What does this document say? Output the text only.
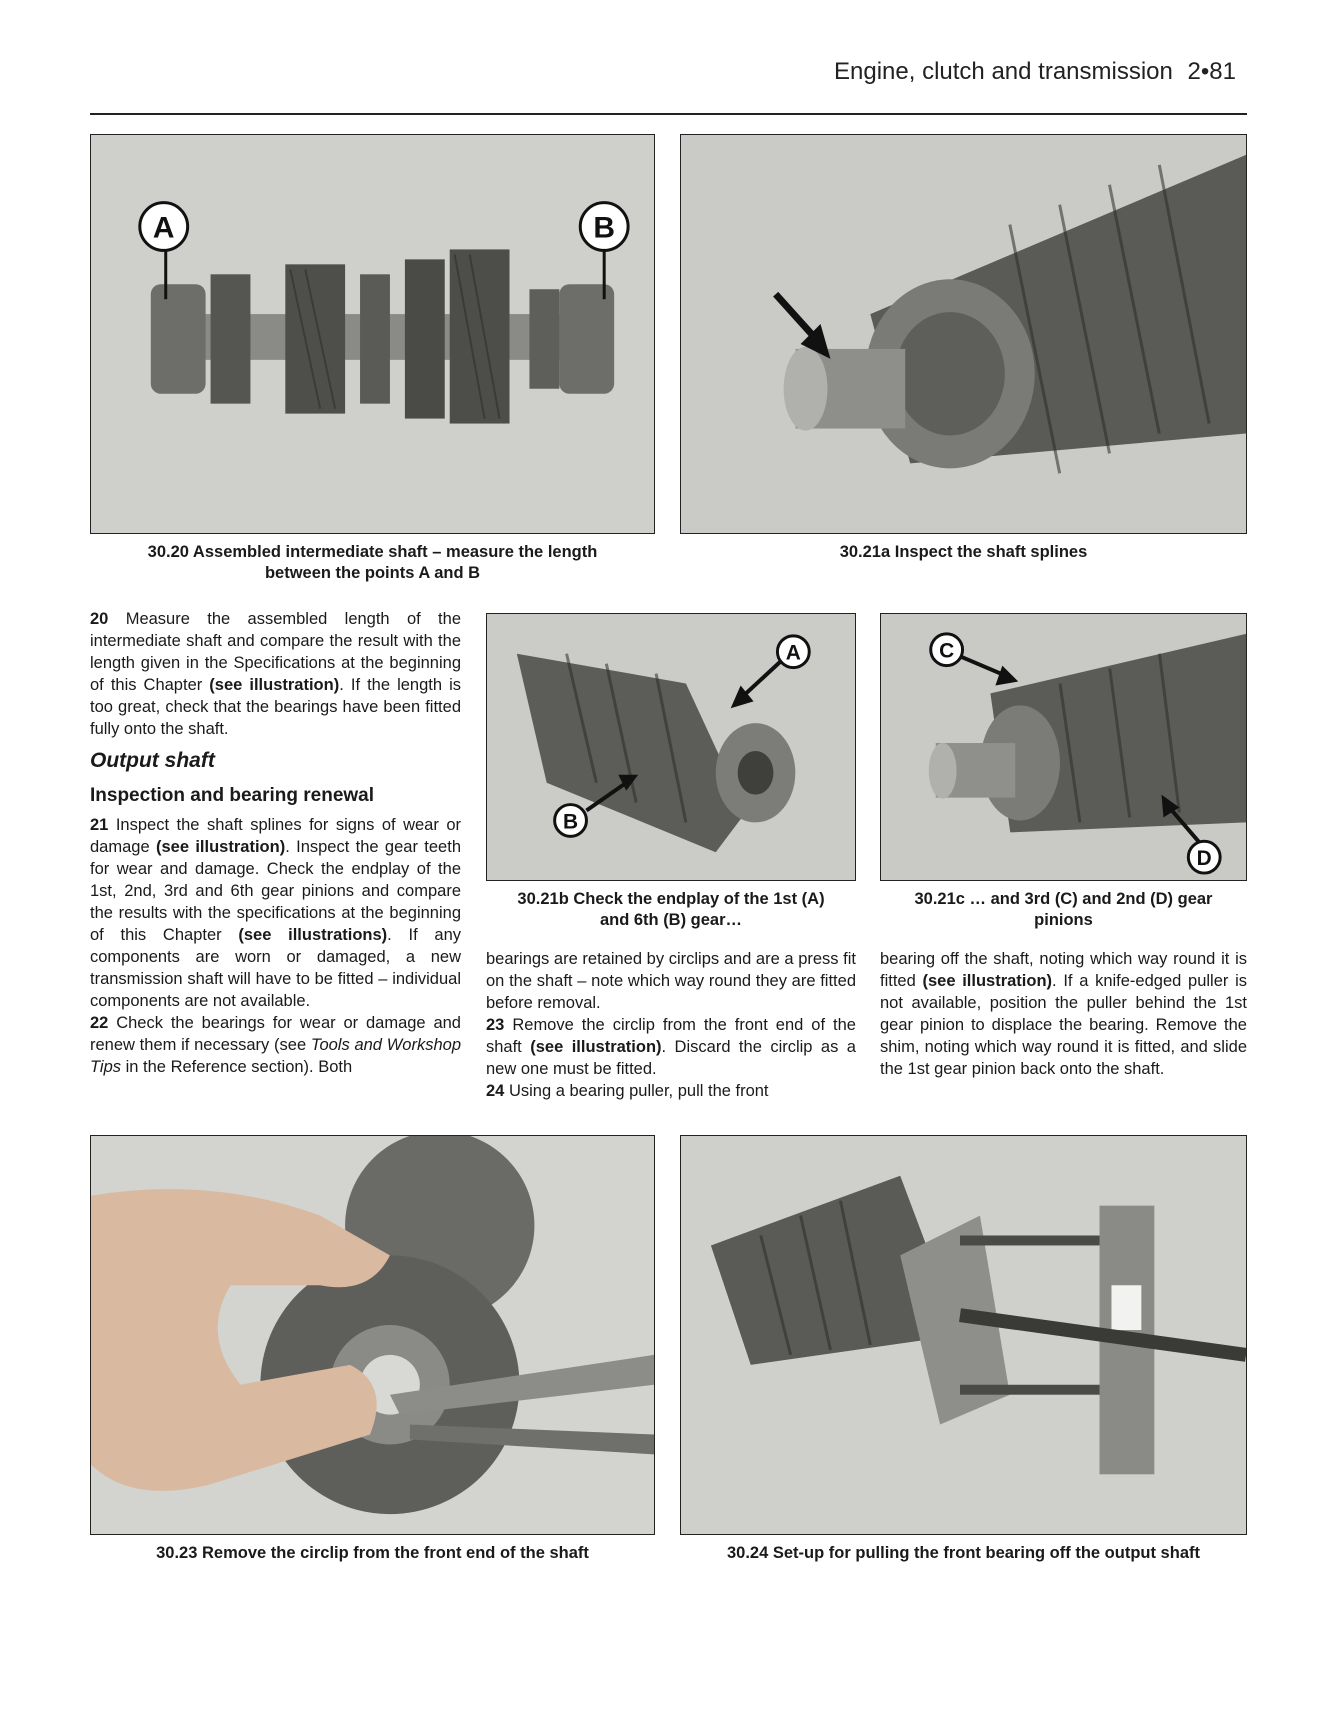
Engine, clutch and transmission 2•81
A	B
30.20 Assembled intermediate shaft – measure the length
between the points A and B
30.21a Inspect the shaft splines

20 Measure the assembled length of the intermediate shaft and compare the result with the length given in the Specifications at the beginning of this Chapter (see illustration). If the length is too great, check that the bearings have been fitted fully onto the shaft.

Output shaft
Inspection and bearing renewal

21 Inspect the shaft splines for signs of wear or damage (see illustration). Inspect the gear teeth for wear and damage. Check the endplay of the 1st, 2nd, 3rd and 6th gear pinions and compare the results with the specifications at the beginning of this Chapter (see illustrations). If any components are worn or damaged, a new transmission shaft will have to be fitted – individual components are not available.

22 Check the bearings for wear or damage and renew them if necessary (see Tools and Workshop Tips in the Reference section). Both

A
B
30.21b Check the endplay of the 1st (A)
and 6th (B) gear…
C
D
30.21c … and 3rd (C) and 2nd (D) gear
pinions

bearings are retained by circlips and are a press fit on the shaft – note which way round they are fitted before removal.

23 Remove the circlip from the front end of the shaft (see illustration). Discard the circlip as a new one must be fitted.

24 Using a bearing puller, pull the front

bearing off the shaft, noting which way round it is fitted (see illustration). If a knife-edged puller is not available, position the puller behind the 1st gear pinion to displace the bearing. Remove the shim, noting which way round it is fitted, and slide the 1st gear pinion back onto the shaft.

30.23 Remove the circlip from the front end of the shaft	30.24 Set-up for pulling the front bearing off the output shaft
